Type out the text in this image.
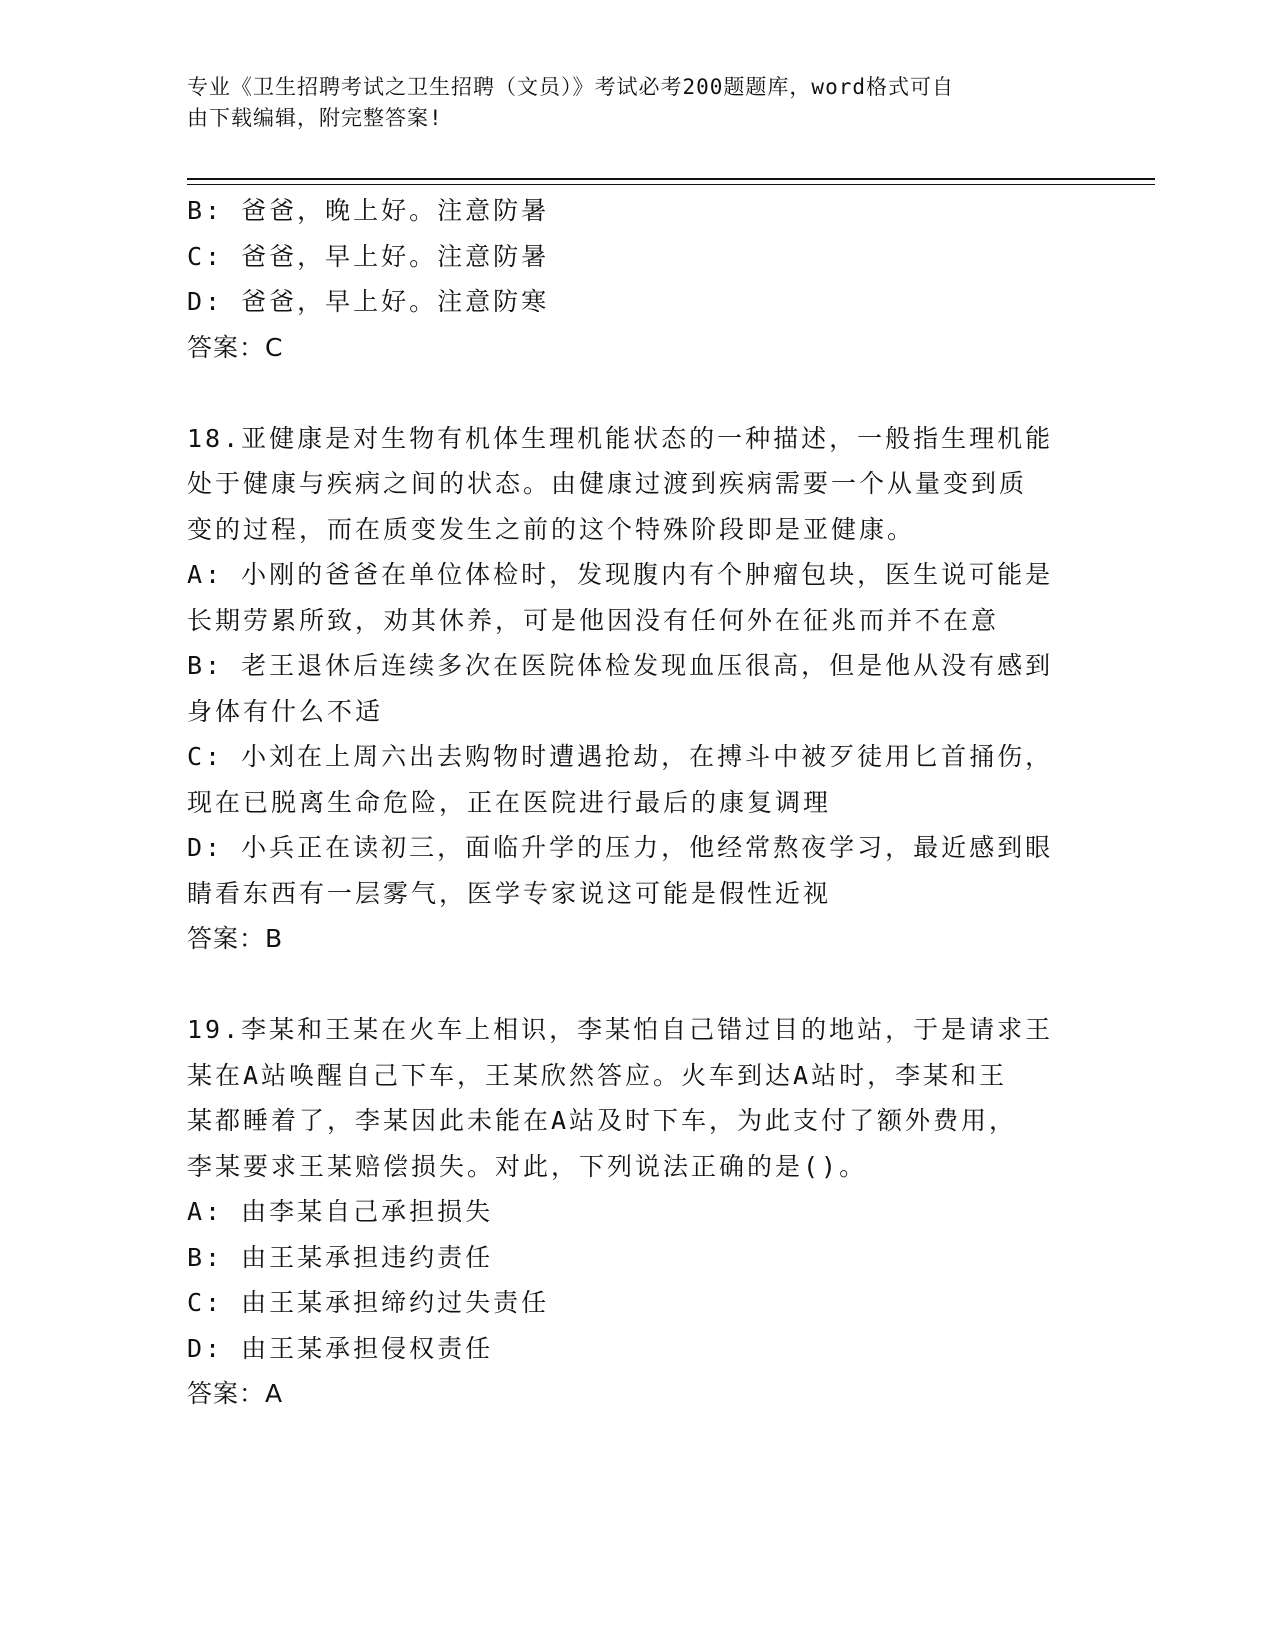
专业《卫生招聘考试之卫生招聘（文员）》考试必考200题题库，word格式可自
由下载编辑，附完整答案!
B: 爸爸，晚上好。注意防暑
C: 爸爸，早上好。注意防暑
D: 爸爸，早上好。注意防寒
答案：C
18.亚健康是对生物有机体生理机能状态的一种描述，一般指生理机能
处于健康与疾病之间的状态。由健康过渡到疾病需要一个从量变到质
变的过程，而在质变发生之前的这个特殊阶段即是亚健康。
A: 小刚的爸爸在单位体检时，发现腹内有个肿瘤包块，医生说可能是
长期劳累所致，劝其休养，可是他因没有任何外在征兆而并不在意
B: 老王退休后连续多次在医院体检发现血压很高，但是他从没有感到
身体有什么不适
C: 小刘在上周六出去购物时遭遇抢劫，在搏斗中被歹徒用匕首捅伤，
现在已脱离生命危险，正在医院进行最后的康复调理
D: 小兵正在读初三，面临升学的压力，他经常熬夜学习，最近感到眼
睛看东西有一层雾气，医学专家说这可能是假性近视
答案：B
19.李某和王某在火车上相识，李某怕自己错过目的地站，于是请求王
某在A站唤醒自己下车，王某欣然答应。火车到达A站时，李某和王
某都睡着了，李某因此未能在A站及时下车，为此支付了额外费用，
李某要求王某赔偿损失。对此，下列说法正确的是()。
A: 由李某自己承担损失
B: 由王某承担违约责任
C: 由王某承担缔约过失责任
D: 由王某承担侵权责任
答案：A
